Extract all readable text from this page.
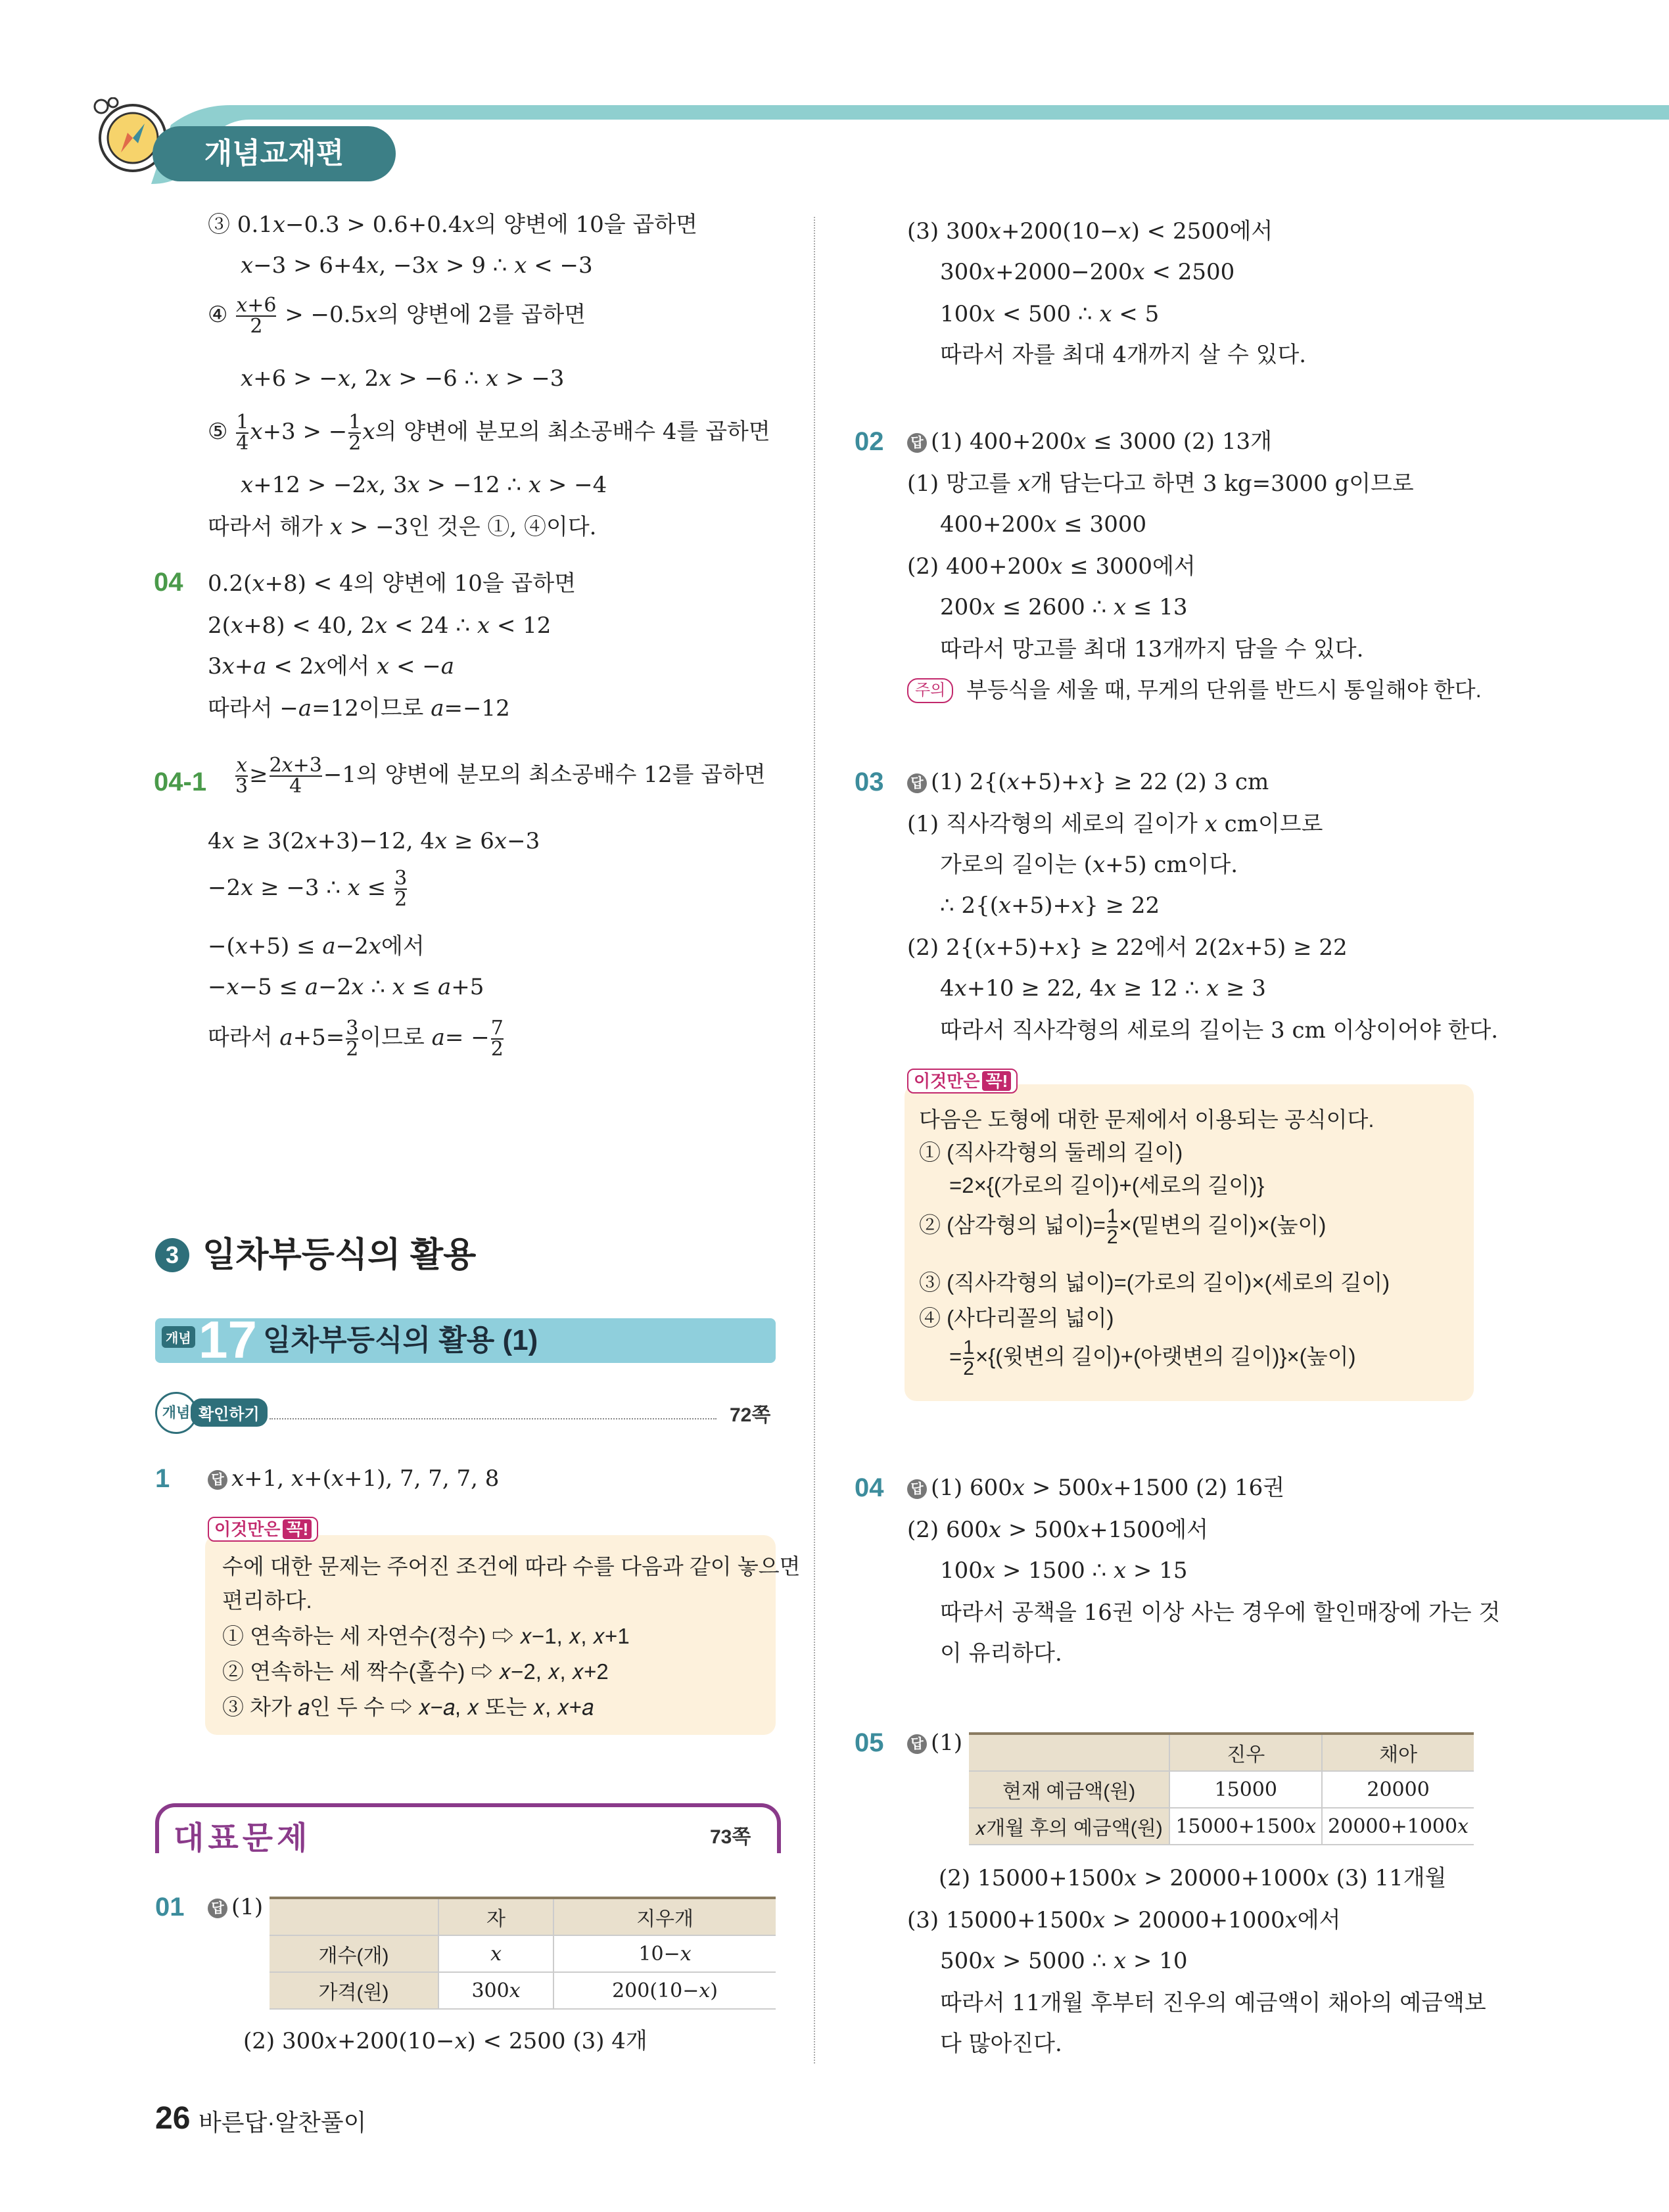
개념교재편
③ 0.1𝑥−0.3 > 0.6+0.4𝑥의 양변에 10을 곱하면
𝑥−3 > 6+4𝑥, −3𝑥 > 9 ∴ 𝑥 < −3
④ $\frac{\text{𝑥+6}}{2}$ > −0.5𝑥의 양변에 2를 곱하면
𝑥+6 > −𝑥, 2𝑥 > −6 ∴ 𝑥 > −3
⑤ $\frac{1}{4}$ 𝑥+3 > − $\frac{1}{2}$ 𝑥의 양변에 분모의 최소공배수 4를 곱하면
𝑥+12 > −2𝑥, 3𝑥 > −12 ∴ 𝑥 > −4
따라서 해가 𝑥 > −3인 것은 ①, ④이다.
04 0.2(𝑥+8) < 4의 양변에 10을 곱하면
2(𝑥+8) < 40, 2𝑥 < 24 ∴ 𝑥 < 12
3𝑥+𝑎 < 2𝑥에서 𝑥 < −𝑎
따라서 −𝑎=12이므로 𝑎=−12
$04-1 \frac{\text{𝑥}}{3} \ge \frac{\text{2𝑥+3}}{4} -1$의 양변에 분모의 최소공배수 12를 곱하면
4𝑥 ≥ 3(2𝑥+3)−12, 4𝑥 ≥ 6𝑥−3
−2𝑥 ≥ −3 ∴ 𝑥 ≤ $\frac{3}{2}$
−(𝑥+5) ≤ 𝑎−2𝑥에서
−𝑥−5 ≤ 𝑎−2𝑥 ∴ 𝑥 ≤ 𝑎+5
따라서 𝑎+5= $\frac{3}{2}$ 이므로 𝑎= − $\frac{7}{2}$
3 일차부등식의 활용
개념 17 일차부등식의 활용 (1)
개념 확인하기	72쪽
1	답 𝑥+1, 𝑥+(𝑥+1), 7, 7, 7, 8
이것만은 꼭!
수에 대한 문제는 주어진 조건에 따라 수를 다음과 같이 놓으면
편리하다.
① 연속하는 세 자연수(정수) ⇨ 𝑥−1, 𝑥, 𝑥+1
② 연속하는 세 짝수(홀수) ⇨ 𝑥−2, 𝑥, 𝑥+2
③ 차가 𝑎인 두 수 ⇨ 𝑥−𝑎, 𝑥 또는 𝑥, 𝑥+𝑎
대표문제	73쪽
01 답 (1)
		자	지우개
개수(개)	𝑥	10−𝑥
가격(원)	300𝑥	200(10−𝑥)
(2) 300𝑥+200(10−𝑥) < 2500 (3) 4개
26 바른답·알찬풀이
(3) 300𝑥+200(10−𝑥) < 2500에서
300𝑥+2000−200𝑥 < 2500
100𝑥 < 500 ∴ 𝑥 < 5
따라서 자를 최대 4개까지 살 수 있다.
02 답 (1) 400+200𝑥 ≤ 3000 (2) 13개
(1) 망고를 𝑥개 담는다고 하면 3 kg=3000 g이므로
400+200𝑥 ≤ 3000
(2) 400+200𝑥 ≤ 3000에서
200𝑥 ≤ 2600 ∴ 𝑥 ≤ 13
따라서 망고를 최대 13개까지 담을 수 있다.
주의 부등식을 세울 때, 무게의 단위를 반드시 통일해야 한다.
03 답 (1) 2{(𝑥+5)+𝑥} ≥ 22 (2) 3 cm
(1) 직사각형의 세로의 길이가 𝑥 cm이므로
가로의 길이는 (𝑥+5) cm이다.
∴ 2{(𝑥+5)+𝑥} ≥ 22
(2) 2{(𝑥+5)+𝑥} ≥ 22에서 2(2𝑥+5) ≥ 22
4𝑥+10 ≥ 22, 4𝑥 ≥ 12 ∴ 𝑥 ≥ 3
따라서 직사각형의 세로의 길이는 3 cm 이상이어야 한다.
이것만은 꼭!
다음은 도형에 대한 문제에서 이용되는 공식이다.
① (직사각형의 둘레의 길이)
=2×{(가로의 길이)+(세로의 길이)}
② (삼각형의 넓이)= $\frac{1}{2}$ ×(밑변의 길이)×(높이)
③ (직사각형의 넓이)=(가로의 길이)×(세로의 길이)
④ (사다리꼴의 넓이)
= $\frac{1}{2}$ ×{(윗변의 길이)+(아랫변의 길이)}×(높이)
04 답 (1) 600𝑥 > 500𝑥+1500 (2) 16권
(2) 600𝑥 > 500𝑥+1500에서
100𝑥 > 1500 ∴ 𝑥 > 15
따라서 공책을 16권 이상 사는 경우에 할인매장에 가는 것
이 유리하다.
05 답 (1)
		진우	채아
현재 예금액(원)	15000	20000
𝑥개월 후의 예금액(원)	15000+1500𝑥	20000+1000𝑥
(2) 15000+1500𝑥 > 20000+1000𝑥 (3) 11개월
(3) 15000+1500𝑥 > 20000+1000𝑥에서
500𝑥 > 5000 ∴ 𝑥 > 10
따라서 11개월 후부터 진우의 예금액이 채아의 예금액보
다 많아진다.
